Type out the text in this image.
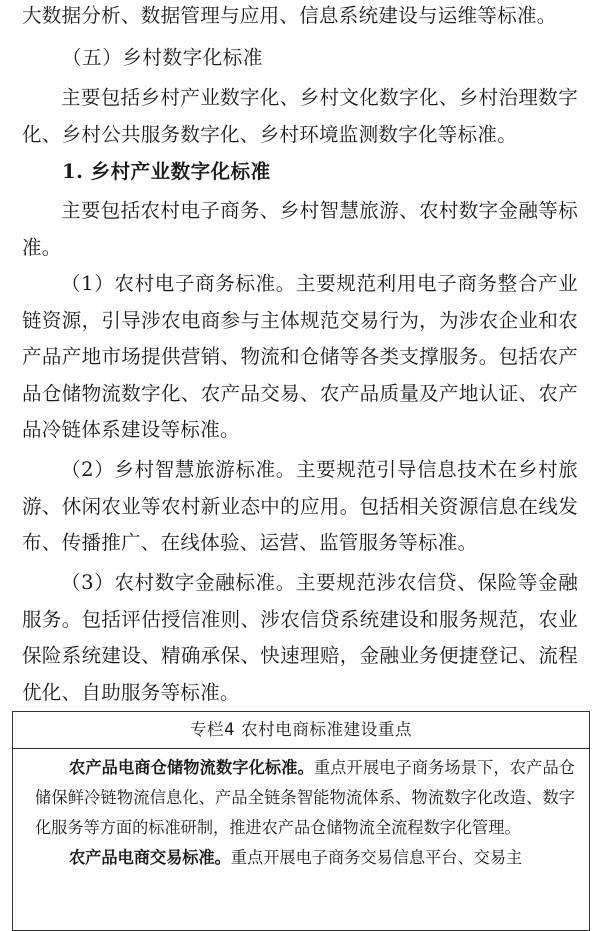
大数据分析、数据管理与应用、信息系统建设与运维等标准。

（五）乡村数字化标准

主要包括乡村产业数字化、乡村文化数字化、乡村治理数字化、乡村公共服务数字化、乡村环境监测数字化等标准。

1. 乡村产业数字化标准

主要包括农村电子商务、乡村智慧旅游、农村数字金融等标准。

（1）农村电子商务标准。主要规范利用电子商务整合产业链资源，引导涉农电商参与主体规范交易行为，为涉农企业和农产品产地市场提供营销、物流和仓储等各类支撑服务。包括农产品仓储物流数字化、农产品交易、农产品质量及产地认证、农产品冷链体系建设等标准。

（2）乡村智慧旅游标准。主要规范引导信息技术在乡村旅游、休闲农业等农村新业态中的应用。包括相关资源信息在线发布、传播推广、在线体验、运营、监管服务等标准。

（3）农村数字金融标准。主要规范涉农信贷、保险等金融服务。包括评估授信准则、涉农信贷系统建设和服务规范，农业保险系统建设、精确承保、快速理赔，金融业务便捷登记、流程优化、自助服务等标准。

专栏4 农村电商标准建设重点

农产品电商仓储物流数字化标准。重点开展电子商务场景下，农产品仓储保鲜冷链物流信息化、产品全链条智能物流体系、物流数字化改造、数字化服务等方面的标准研制，推进农产品仓储物流全流程数字化管理。

农产品电商交易标准。重点开展电子商务交易信息平台、交易主
